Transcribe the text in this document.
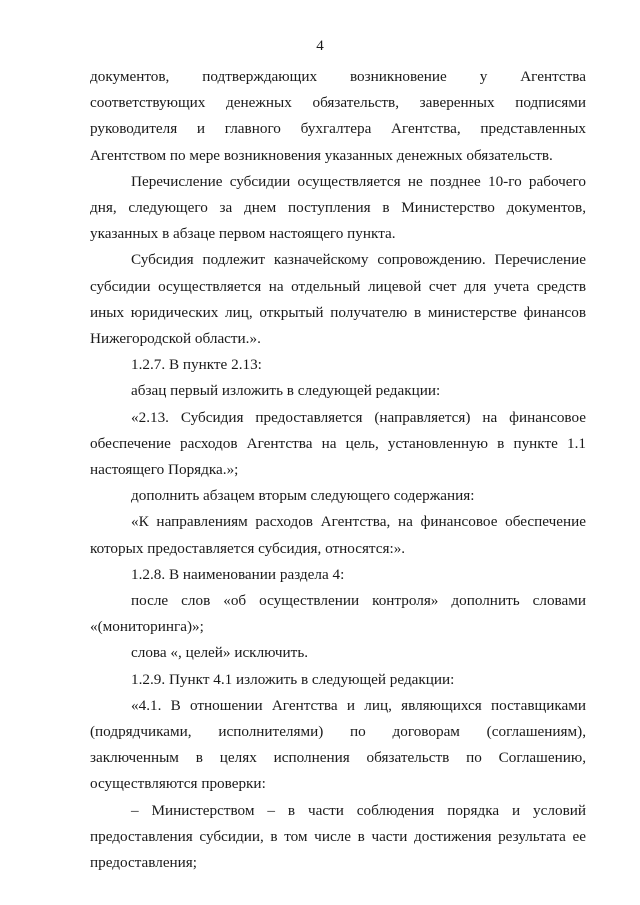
4

документов, подтверждающих возникновение у Агентства соответствующих денежных обязательств, заверенных подписями руководителя и главного бухгалтера Агентства, представленных Агентством по мере возникновения указанных денежных обязательств.

Перечисление субсидии осуществляется не позднее 10-го рабочего дня, следующего за днем поступления в Министерство документов, указанных в абзаце первом настоящего пункта.

Субсидия подлежит казначейскому сопровождению. Перечисление субсидии осуществляется на отдельный лицевой счет для учета средств иных юридических лиц, открытый получателю в министерстве финансов Нижегородской области.».

1.2.7. В пункте 2.13:

абзац первый изложить в следующей редакции:

«2.13. Субсидия предоставляется (направляется) на финансовое обеспечение расходов Агентства на цель, установленную в пункте 1.1 настоящего Порядка.»;

дополнить абзацем вторым следующего содержания:

«К направлениям расходов Агентства, на финансовое обеспечение которых предоставляется субсидия, относятся:».

1.2.8. В наименовании раздела 4:

после слов «об осуществлении контроля» дополнить словами «(мониторинга)»;

слова «, целей» исключить.

1.2.9. Пункт 4.1 изложить в следующей редакции:

«4.1. В отношении Агентства и лиц, являющихся поставщиками (подрядчиками, исполнителями) по договорам (соглашениям), заключенным в целях исполнения обязательств по Соглашению, осуществляются проверки:

– Министерством – в части соблюдения порядка и условий предоставления субсидии, в том числе в части достижения результата ее предоставления;
